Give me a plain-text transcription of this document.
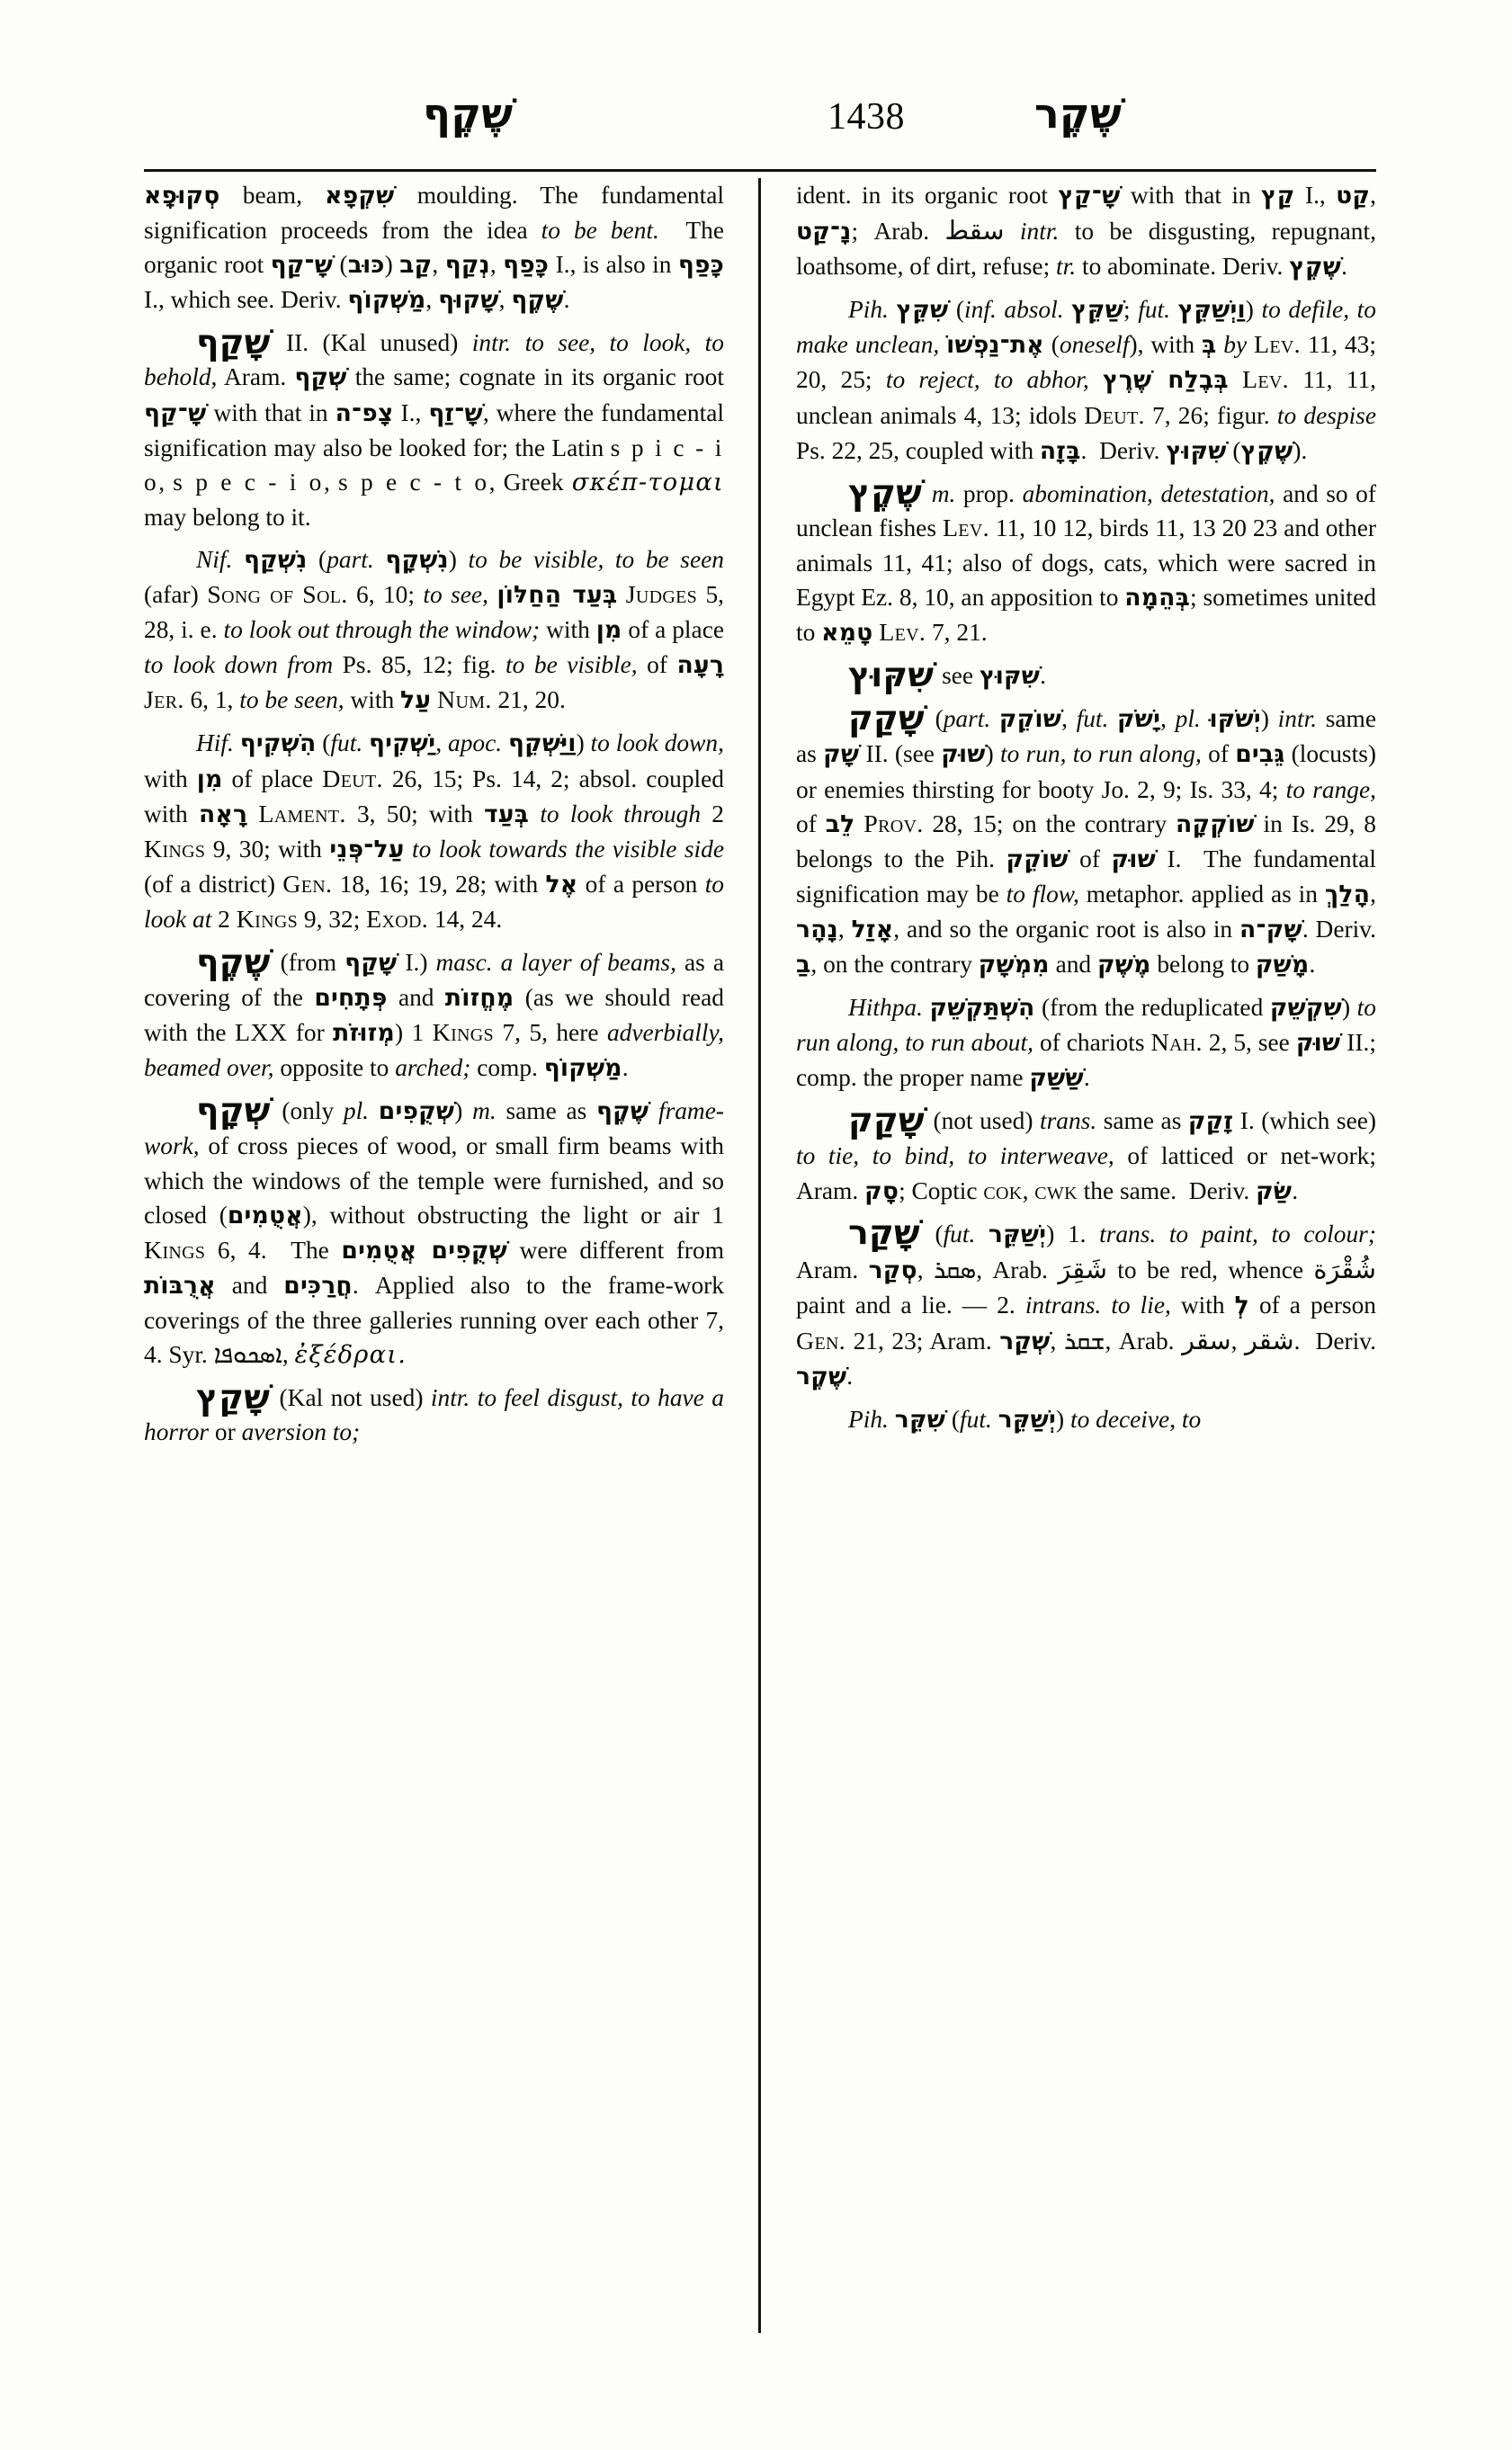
שֶׁקֶף	1438	שֶׁקֶר

סְקוּפְָא beam, שִׁקְפָא moulding. The fundamental signification proceeds from the idea to be bent.  The organic root שָׁ־קַף (כּוּב) קַב, נְקַף, כָּפַף I., is also in כָּפַף I., which see. Deriv. מַשְׁקוֹף, שָׁקוּף, שֶׁקֶף.

שָׁקַף II. (Kal unused) intr. to see, to look, to behold, Aram. שְׁקַף the same; cognate in its organic root שָׁ־קַף with that in צָפ־ה I., שָׁ־זַף, where the fundamental signification may also be looked for; the Latin s p i c - i o, s p e c - i o, s p e c - t o, Greek σκέπ-τομαι may belong to it.

Nif. נִשְׁקַף (part. נִשְׁקָף) to be visible, to be seen (afar) Song of Sol. 6, 10; to see, בְּעַד הַחַלּוֹן Judges 5, 28, i. e. to look out through the window; with מִן of a place to look down from Ps. 85, 12; fig. to be visible, of רָעָה Jer. 6, 1, to be seen, with עַל Num. 21, 20.

Hif. הִשְׁקִיף (fut. יַשְׁקִיף, apoc. וַיַּשְׁקֵף) to look down, with מִן of place Deut. 26, 15; Ps. 14, 2; absol. coupled with רָאָה Lament. 3, 50; with בְּעַד to look through 2 Kings 9, 30; with עַל־פְּנֵי to look towards the visible side (of a district) Gen. 18, 16; 19, 28; with אֶל of a person to look at 2 Kings 9, 32; Exod. 14, 24.

שֶׁקֶף (from שָׁקַף I.) masc. a layer of beams, as a covering of the פְּתָחִים and מֶחֱזוֹת (as we should read with the LXX for מְזוּזֹת) 1 Kings 7, 5, here adverbially, beamed over, opposite to arched; comp. מַשְׁקוֹף.

שְׁקָף (only pl. שְׁקֻפִים) m. same as שֶׁקֶף frame-work, of cross pieces of wood, or small firm beams with which the windows of the temple were furnished, and so closed (אֲטֻמִים), without obstructing the light or air 1 Kings 6, 4.  The שְׁקֻפִים אֲטֻמִים were different from אֲרֻבּוֹת and חֲרַכִּים. Applied also to the frame-work coverings of the three galleries running over each other 7, 4. Syr. ܐܣܟܘܦܐ, ἐξέδραι.

שָׁקַץ (Kal not used) intr. to feel disgust, to have a horror or aversion to;

ident. in its organic root שָׁ־קַץ with that in קַץ I., קַט, נָ־קַט; Arab. سقط intr. to be disgusting, repugnant, loathsome, of dirt, refuse; tr. to abominate. Deriv. שֶׁקֶץ.

Pih. שִׁקֵּץ (inf. absol. שַׁקֵּץ; fut. וַיְשַׁקֵּץ) to defile, to make unclean, אֶת־נַפְשׁוֹ (oneself), with בְּ by Lev. 11, 43; 20, 25; to reject, to abhor, בְּבֶלַח שֶׁרֶץ Lev. 11, 11, unclean animals 4, 13; idols Deut. 7, 26; figur. to despise Ps. 22, 25, coupled with בָּזָה.  Deriv. שִׁקּוּץ (שֶׁקֶץ).

שֶׁקֶץ m. prop. abomination, detestation, and so of unclean fishes Lev. 11, 10 12, birds 11, 13 20 23 and other animals 11, 41; also of dogs, cats, which were sacred in Egypt Ez. 8, 10, an apposition to בְּהֵמָה; sometimes united to טָמֵא Lev. 7, 21.

שִׁקּוּץ see שִׁקּוּץ.

שָׁקַק (part. שׁוֹקֵק, fut. יָשֹׁק, pl. יְשֹׁקּוּ) intr. same as שָׁק II. (see שׁוּק) to run, to run along, of גֵּבִים (locusts) or enemies thirsting for booty Jo. 2, 9; Is. 33, 4; to range, of לֵב Prov. 28, 15; on the contrary שׁוֹקְקָה in Is. 29, 8 belongs to the Pih. שׁוֹקֵק of שׁוּק I.  The fundamental signification may be to flow, metaphor. applied as in הָלַךְ, נָהָר, אָזַל, and so the organic root is also in שָׁק־ה. Deriv. בַ, on the contrary מִמְשָׁק and מֶשֶׁק belong to מָשַׁק.

Hithpa. הִשְׁתַּקְשֵׁק (from the reduplicated שִׁקְשֵׁק) to run along, to run about, of chariots Nah. 2, 5, see שׁוּק II.; comp. the proper name שַׁשַׁק.

שָׁקַק (not used) trans. same as זָקַק I. (which see) to tie, to bind, to interweave, of latticed or net-work; Aram. סָק; Coptic cok, cwk the same.  Deriv. שַׂק.

שָׁקַר (fut. יְשַׁקֵּר) 1. trans. to paint, to colour; Aram. סְקַר, ܣܩܪ, Arab. شَقِرَ to be red, whence شُقْرَة paint and a lie. — 2. intrans. to lie, with לְ of a person Gen. 21, 23; Aram. שְׁקַר, ܫܩܪ, Arab. سقر, شقر.  Deriv. שֶׁקֶר.

Pih. שִׁקֵּר (fut. יְשַׁקֵּר) to deceive, to
